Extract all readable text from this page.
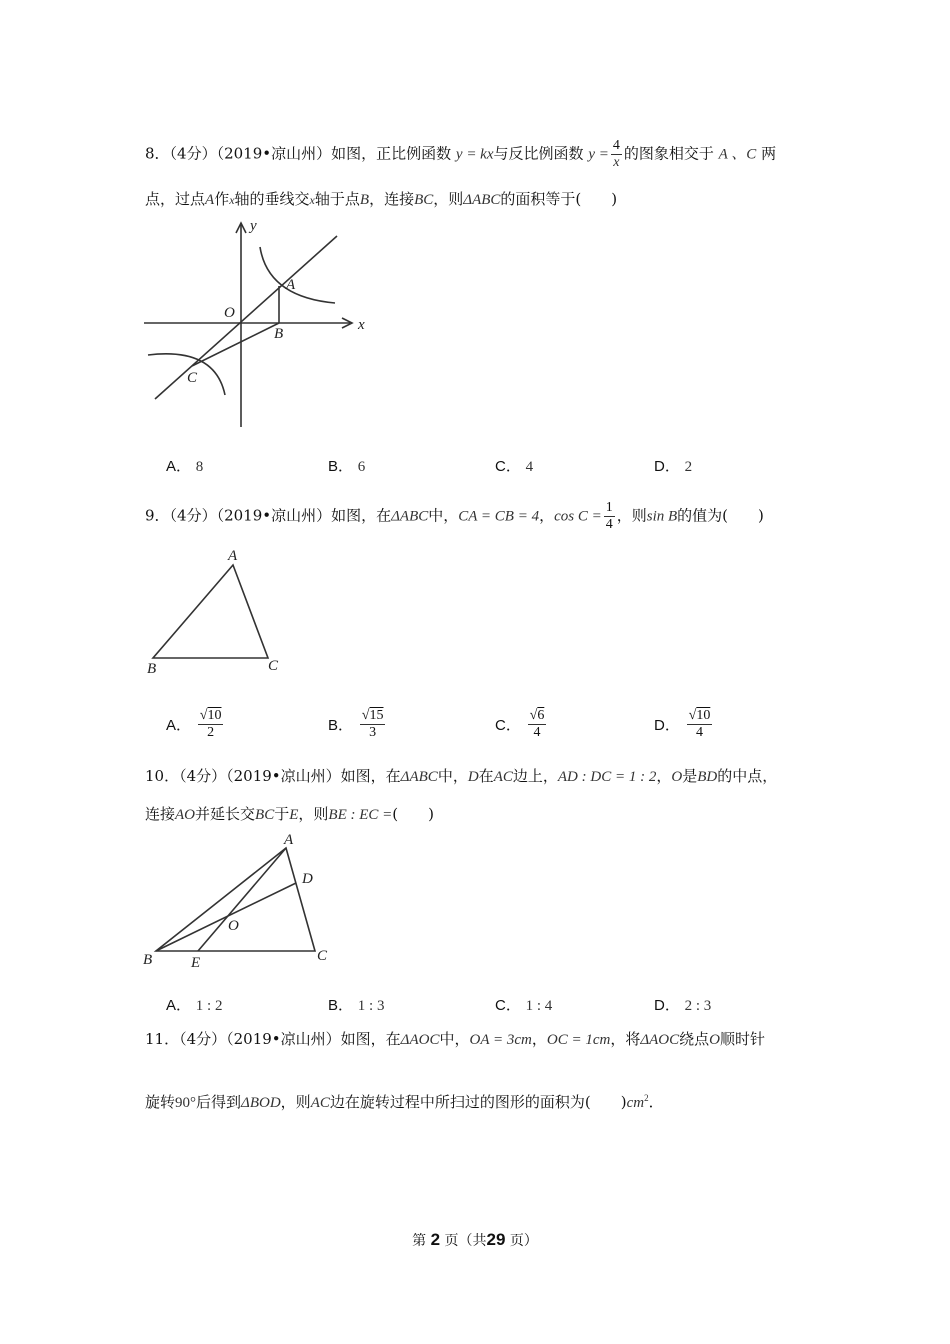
8．（4分）（2019•凉山州）如图，正比例函数 y = kx与反比例函数 $y = \frac{4}{x}$ 的图象相交于 A 、C 两
点，过点A作x轴的垂线交x轴于点B，连接BC，则ΔABC的面积等于( )
y
x
O
A
B
C
A． 8	B． 6	C． 4	D． 2
9．（4分）（2019•凉山州）如图，在ΔABC中，CA = CB = 4，$\cos C = \frac{1}{4}$ ，则sin B的值为( )
A
B	C
A． $\frac{√10}{2}$	B． $\frac{√15}{3}$	C． $\frac{√6}{4}$	D． $\frac{√10}{4}$
10．（4分）（2019•凉山州）如图，在ΔABC中，D在AC边上，AD : DC = 1 : 2，O是BD的中点，
连接AO并延长交BC于E，则BE : EC =( )
A
D
O
B	E	C
A． 1 : 2	B． 1 : 3	C． 1 : 4	D． 2 : 3
11．（4分）（2019•凉山州）如图，在ΔAOC中，OA = 3cm，OC = 1cm，将ΔAOC绕点O顺时针
旋转90°后得到ΔBOD，则AC边在旋转过程中所扫过的图形的面积为( )$cm^2$．
第 2 页（共29 页）
